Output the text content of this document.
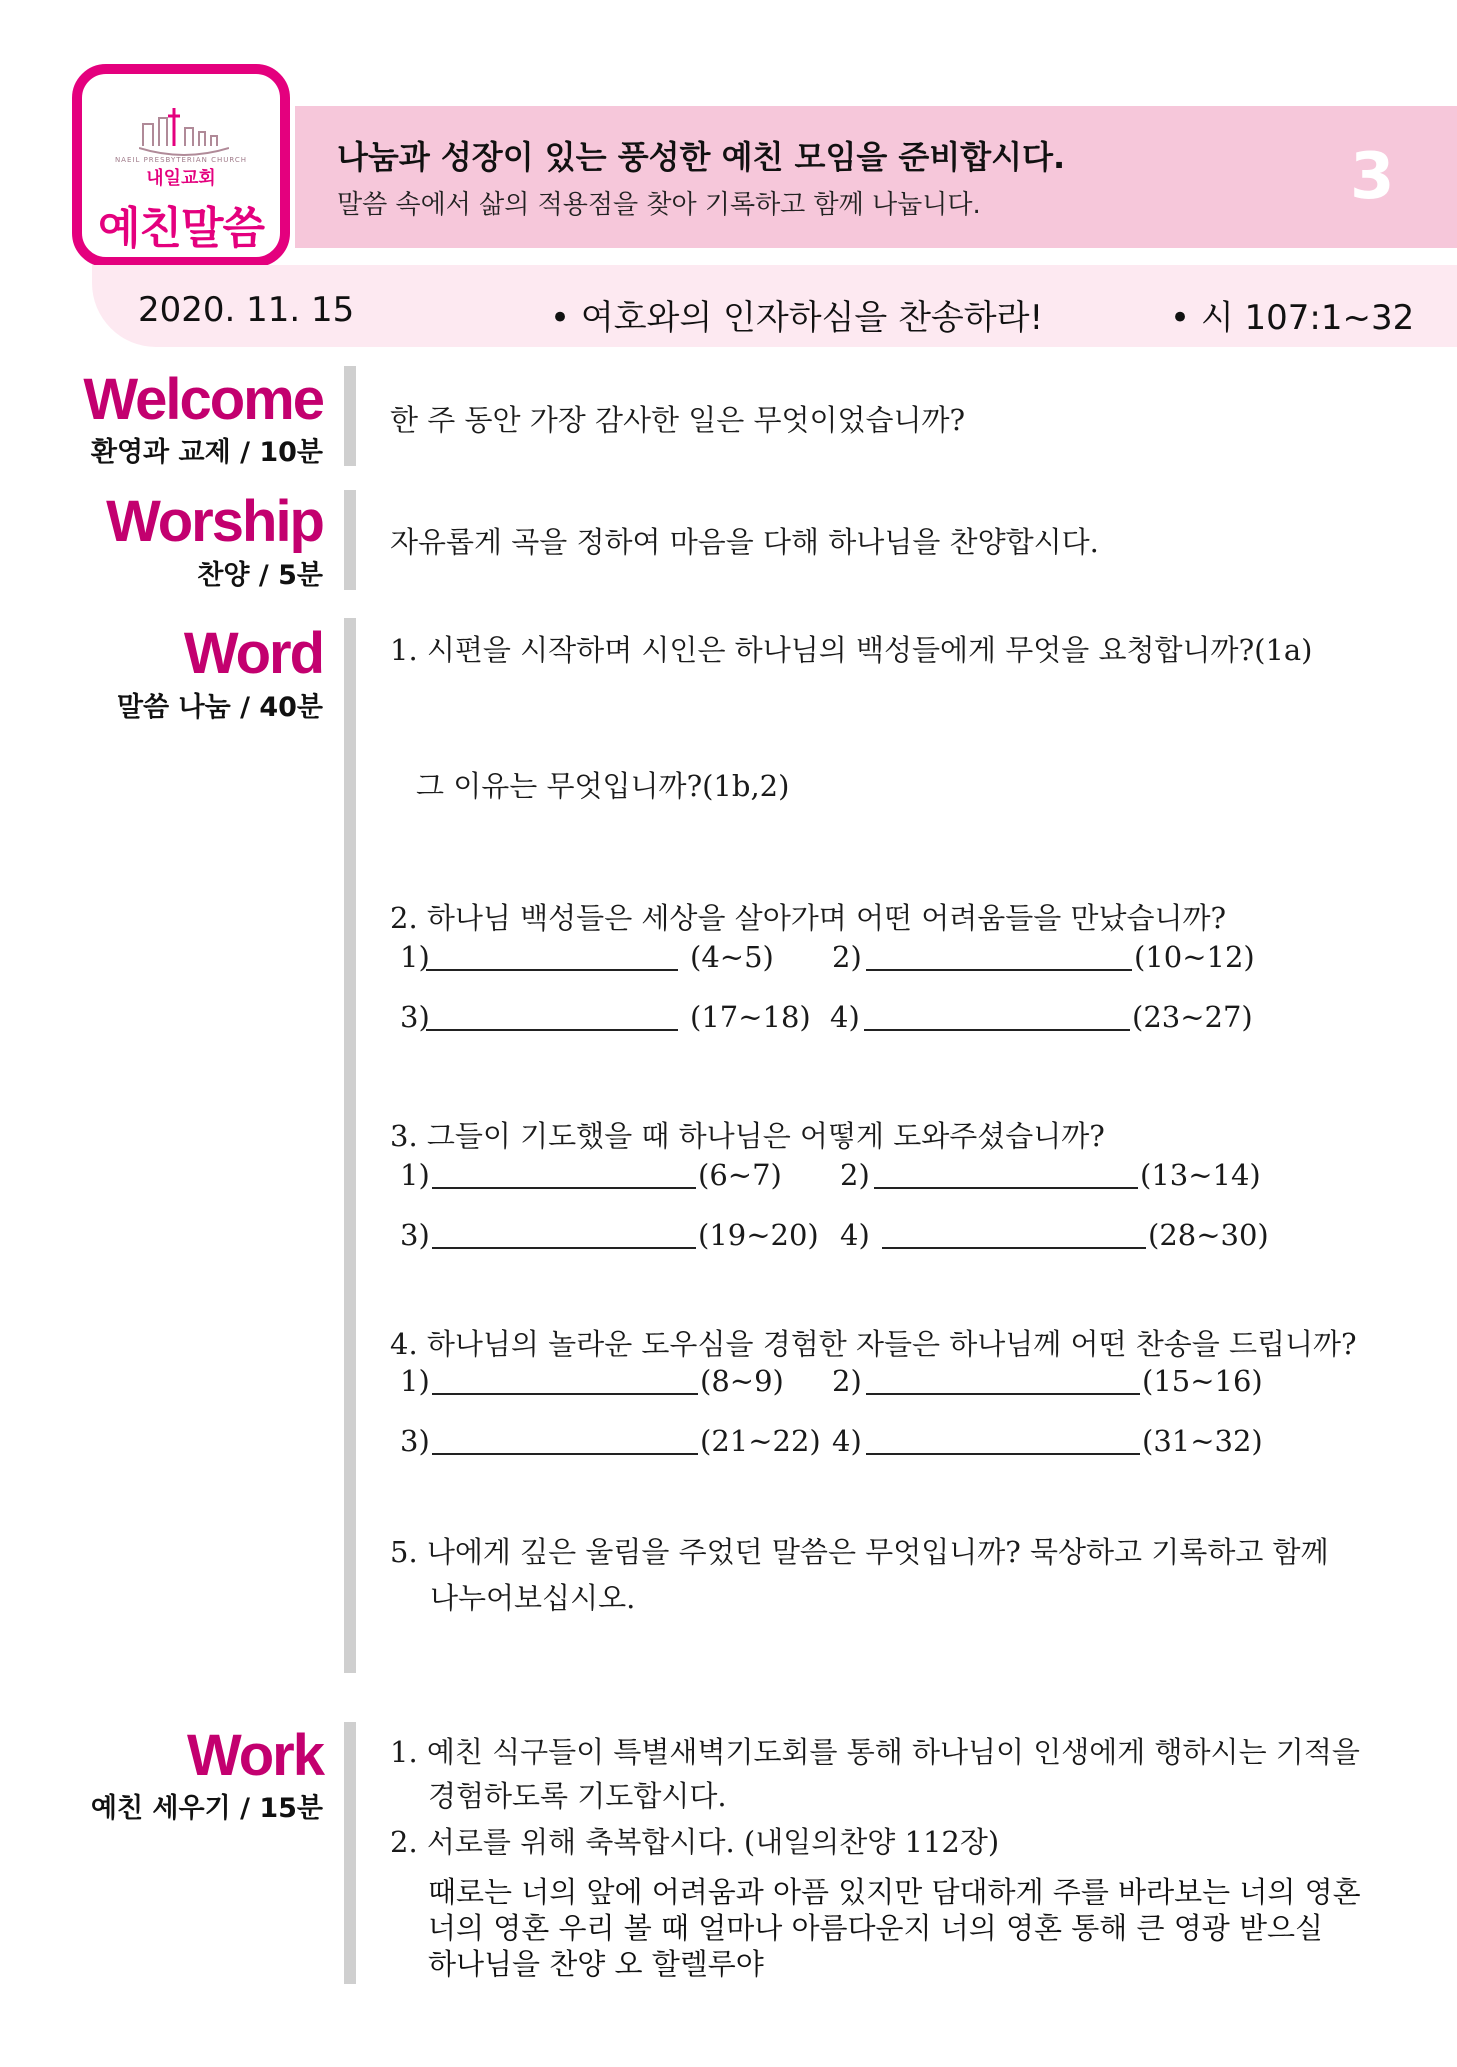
NAEIL PRESBYTERIAN CHURCH
내일교회
예친말씀
나눔과 성장이 있는 풍성한 예친 모임을 준비합시다.
말씀 속에서 삶의 적용점을 찾아 기록하고 함께 나눕니다.	3
2020. 11. 15	• 여호와의 인자하심을 찬송하라!	• 시 107:1~32
Welcome
환영과 교제 / 10분
한 주 동안 가장 감사한 일은 무엇이었습니까?
Worship
찬양 / 5분
자유롭게 곡을 정하여 마음을 다해 하나님을 찬양합시다.
Word
말씀 나눔 / 40분
1. 시편을 시작하며 시인은 하나님의 백성들에게 무엇을 요청합니까?(1a)
그 이유는 무엇입니까?(1b,2)
2. 하나님 백성들은 세상을 살아가며 어떤 어려움들을 만났습니까?
1)	(4~5) 2)	(10~12)
3)	(17~18) 4)	(23~27)
3. 그들이 기도했을 때 하나님은 어떻게 도와주셨습니까?
1)	(6~7) 2)	(13~14)
3)	(19~20) 4)	(28~30)
4. 하나님의 놀라운 도우심을 경험한 자들은 하나님께 어떤 찬송을 드립니까?
1)	(8~9) 2)	(15~16)
3)	(21~22) 4)	(31~32)
5. 나에게 깊은 울림을 주었던 말씀은 무엇입니까? 묵상하고 기록하고 함께
나누어보십시오.
Work
예친 세우기 / 15분
1. 예친 식구들이 특별새벽기도회를 통해 하나님이 인생에게 행하시는 기적을
경험하도록 기도합시다.
2. 서로를 위해 축복합시다. (내일의찬양 112장)
때로는 너의 앞에 어려움과 아픔 있지만 담대하게 주를 바라보는 너의 영혼
너의 영혼 우리 볼 때 얼마나 아름다운지 너의 영혼 통해 큰 영광 받으실
하나님을 찬양 오 할렐루야
